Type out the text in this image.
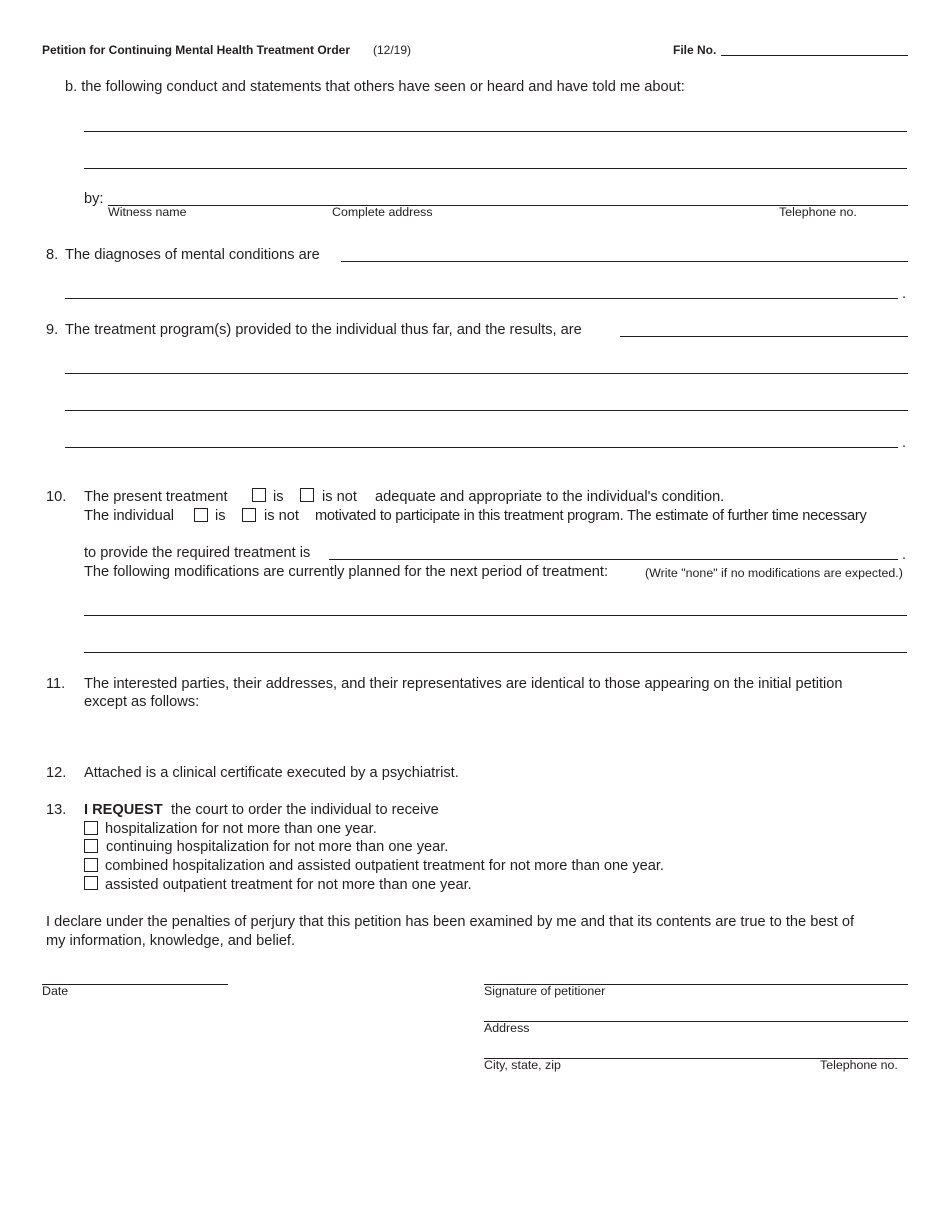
Petition for Continuing Mental Health Treatment Order (12/19)	File No.
b. the following conduct and statements that others have seen or heard and have told me about:
by:
Witness name	Complete address	Telephone no.
8. The diagnoses of mental conditions are
.
9. The treatment program(s) provided to the individual thus far, and the results, are
.
10. The present treatment	is	is not adequate and appropriate to the individual's condition.
The individual	is	is not motivated to participate in this treatment program. The estimate of further time necessary
to provide the required treatment is	.
The following modifications are currently planned for the next period of treatment:	(Write "none" if no modifications are expected.)
11. The interested parties, their addresses, and their representatives are identical to those appearing on the initial petition
except as follows:
12. Attached is a clinical certificate executed by a psychiatrist.
13. I REQUEST the court to order the individual to receive
hospitalization for not more than one year.
continuing hospitalization for not more than one year.
combined hospitalization and assisted outpatient treatment for not more than one year.
assisted outpatient treatment for not more than one year.
I declare under the penalties of perjury that this petition has been examined by me and that its contents are true to the best of
my information, knowledge, and belief.
Date	Signature of petitioner
Address
City, state, zip	Telephone no.
